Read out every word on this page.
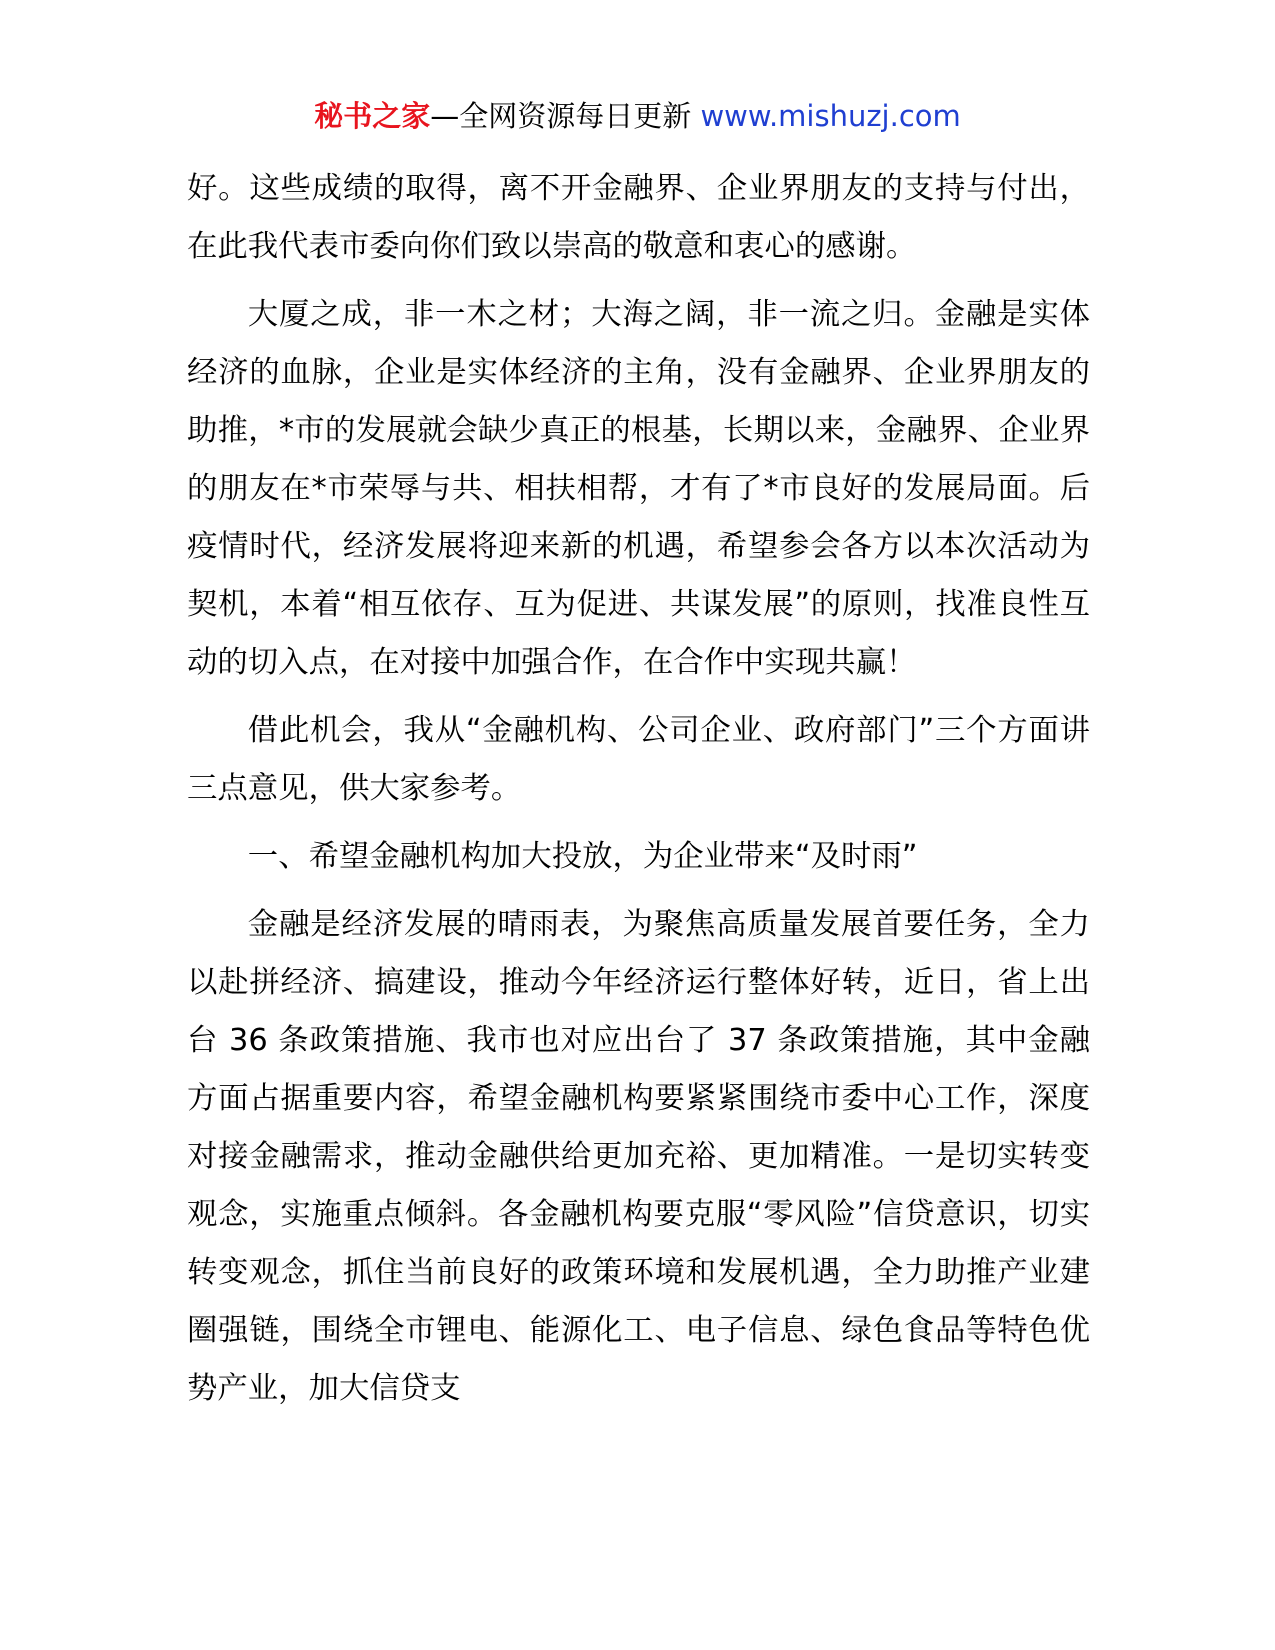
秘书之家—全网资源每日更新 www.mishuzj.com

好。这些成绩的取得，离不开金融界、企业界朋友的支持与付出，在此我代表市委向你们致以崇高的敬意和衷心的感谢。

大厦之成，非一木之材；大海之阔，非一流之归。金融是实体经济的血脉，企业是实体经济的主角，没有金融界、企业界朋友的助推，*市的发展就会缺少真正的根基，长期以来，金融界、企业界的朋友在*市荣辱与共、相扶相帮，才有了*市良好的发展局面。后疫情时代，经济发展将迎来新的机遇，希望参会各方以本次活动为契机，本着“相互依存、互为促进、共谋发展”的原则，找准良性互动的切入点，在对接中加强合作，在合作中实现共赢！

借此机会，我从“金融机构、公司企业、政府部门”三个方面讲三点意见，供大家参考。

一、希望金融机构加大投放，为企业带来“及时雨”

金融是经济发展的晴雨表，为聚焦高质量发展首要任务，全力以赴拼经济、搞建设，推动今年经济运行整体好转，近日，省上出台 36 条政策措施、我市也对应出台了 37 条政策措施，其中金融方面占据重要内容，希望金融机构要紧紧围绕市委中心工作，深度对接金融需求，推动金融供给更加充裕、更加精准。一是切实转变观念，实施重点倾斜。各金融机构要克服“零风险”信贷意识，切实转变观念，抓住当前良好的政策环境和发展机遇，全力助推产业建圈强链，围绕全市锂电、能源化工、电子信息、绿色食品等特色优势产业，加大信贷支
